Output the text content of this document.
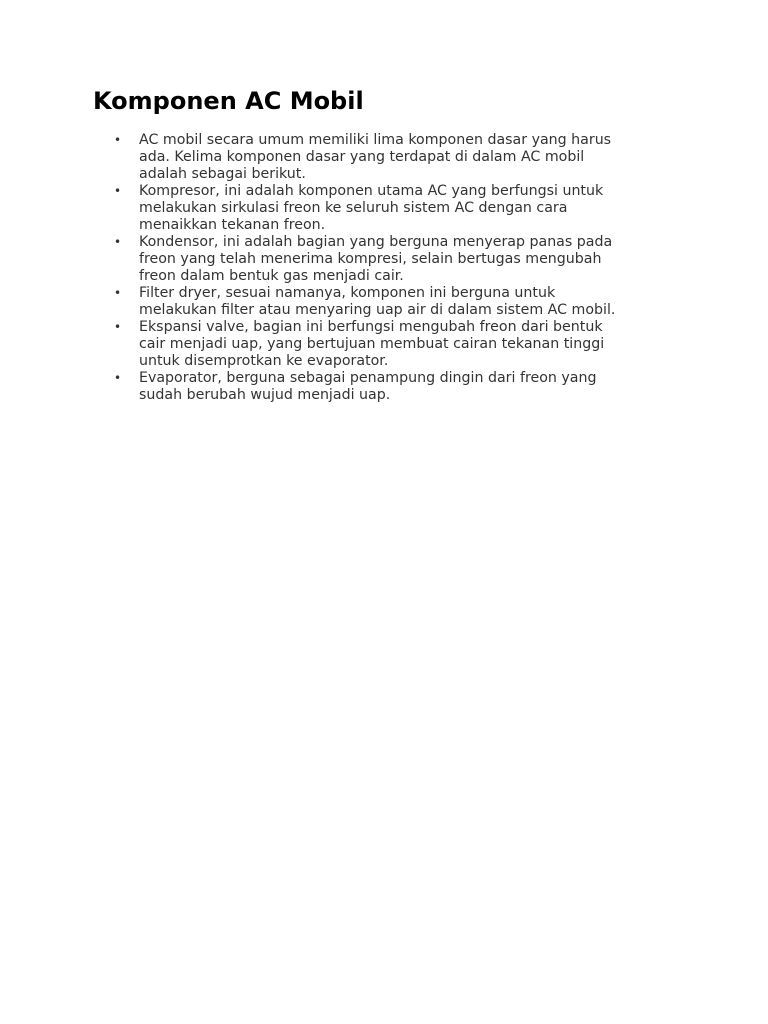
Komponen AC Mobil
• AC mobil secara umum memiliki lima komponen dasar yang harus
ada. Kelima komponen dasar yang terdapat di dalam AC mobil
adalah sebagai berikut.
• Kompresor, ini adalah komponen utama AC yang berfungsi untuk
melakukan sirkulasi freon ke seluruh sistem AC dengan cara
menaikkan tekanan freon.
• Kondensor, ini adalah bagian yang berguna menyerap panas pada
freon yang telah menerima kompresi, selain bertugas mengubah
freon dalam bentuk gas menjadi cair.
• Filter dryer, sesuai namanya, komponen ini berguna untuk
melakukan filter atau menyaring uap air di dalam sistem AC mobil.
• Ekspansi valve, bagian ini berfungsi mengubah freon dari bentuk
cair menjadi uap, yang bertujuan membuat cairan tekanan tinggi
untuk disemprotkan ke evaporator.
• Evaporator, berguna sebagai penampung dingin dari freon yang
sudah berubah wujud menjadi uap.
